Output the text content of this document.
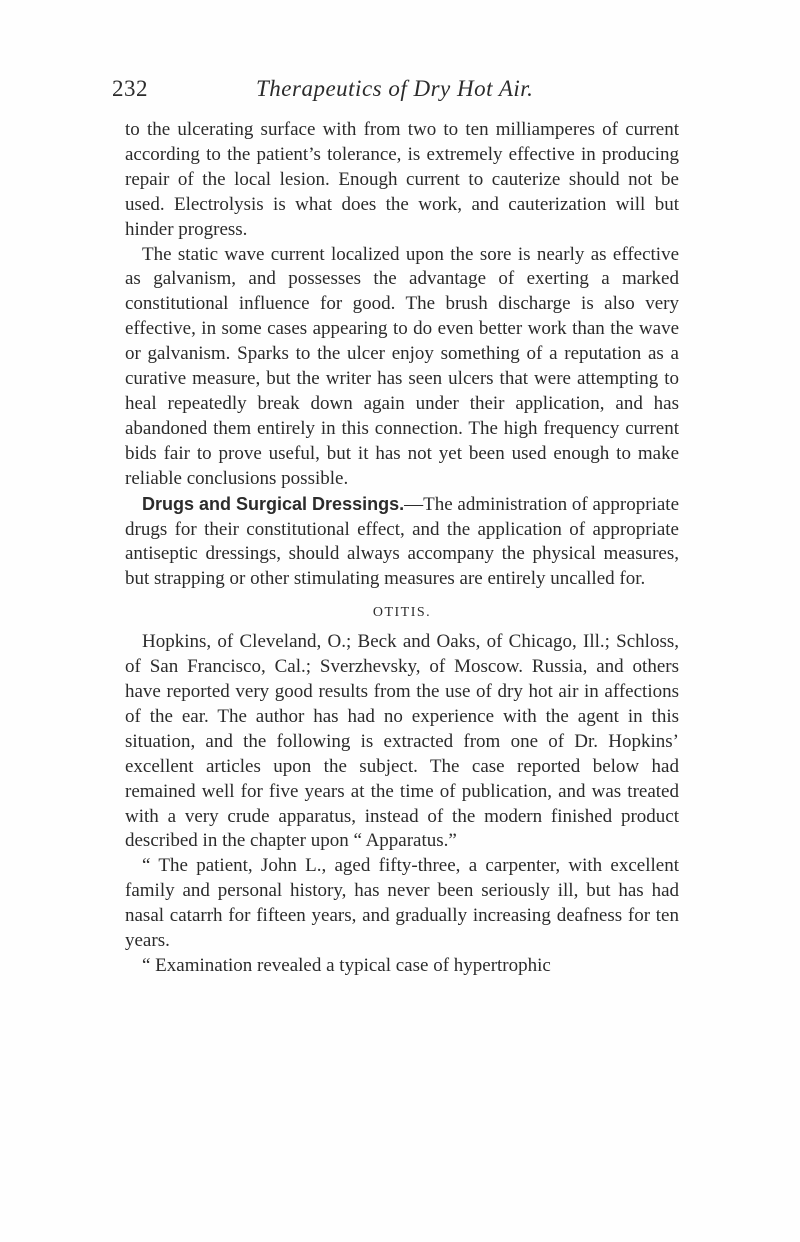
232	Therapeutics of Dry Hot Air.

to the ulcerating surface with from two to ten milliamperes of current according to the patient’s tolerance, is extremely effective in producing repair of the local lesion. Enough current to cauterize should not be used. Electrolysis is what does the work, and cauterization will but hinder progress.

The static wave current localized upon the sore is nearly as effective as galvanism, and possesses the advantage of exerting a marked constitutional influence for good. The brush discharge is also very effective, in some cases appearing to do even better work than the wave or galvanism. Sparks to the ulcer enjoy something of a reputation as a curative measure, but the writer has seen ulcers that were attempting to heal repeatedly break down again under their application, and has abandoned them entirely in this connection. The high frequency current bids fair to prove useful, but it has not yet been used enough to make reliable conclusions possible.

Drugs and Surgical Dressings.—The administration of appropriate drugs for their constitutional effect, and the application of appropriate antiseptic dressings, should always accompany the physical measures, but strapping or other stimulating measures are entirely uncalled for.

OTITIS.

Hopkins, of Cleveland, O.; Beck and Oaks, of Chicago, Ill.; Schloss, of San Francisco, Cal.; Sverzhevsky, of Moscow. Russia, and others have reported very good results from the use of dry hot air in affections of the ear. The author has had no experience with the agent in this situation, and the following is extracted from one of Dr. Hopkins’ excellent articles upon the subject. The case reported below had remained well for five years at the time of publication, and was treated with a very crude apparatus, instead of the modern finished product described in the chapter upon “ Apparatus.”

“ The patient, John L., aged fifty-three, a carpenter, with excellent family and personal history, has never been seriously ill, but has had nasal catarrh for fifteen years, and gradually increasing deafness for ten years.

“ Examination revealed a typical case of hypertrophic
